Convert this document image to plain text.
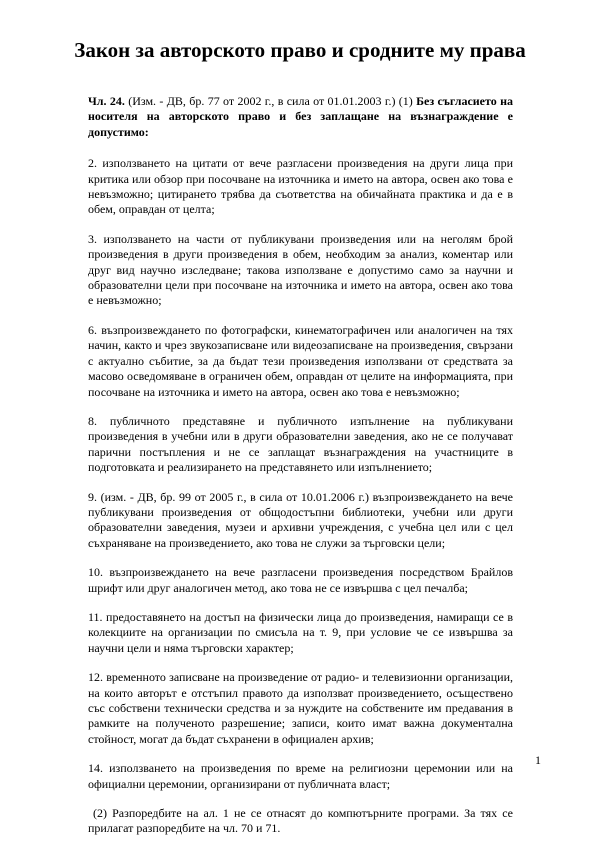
Закон за авторското право и сродните му права

Чл. 24. (Изм. - ДВ, бр. 77 от 2002 г., в сила от 01.01.2003 г.) (1) Без съгласието на носителя на авторското право и без заплащане на възнаграждение е допустимо:

2. използването на цитати от вече разгласени произведения на други лица при критика или обзор при посочване на източника и името на автора, освен ако това е невъзможно; цитирането трябва да съответства на обичайната практика и да е в обем, оправдан от целта;

3. използването на части от публикувани произведения или на неголям брой произведения в други произведения в обем, необходим за анализ, коментар или друг вид научно изследване; такова използване е допустимо само за научни и образователни цели при посочване на източника и името на автора, освен ако това е невъзможно;

6. възпроизвеждането по фотографски, кинематографичен или аналогичен на тях начин, както и чрез звукозаписване или видеозаписване на произведения, свързани с актуално събитие, за да бъдат тези произведения използвани от средствата за масово осведомяване в ограничен обем, оправдан от целите на информацията, при посочване на източника и името на автора, освен ако това е невъзможно;

8. публичното представяне и публичното изпълнение на публикувани произведения в учебни или в други образователни заведения, ако не се получават парични постъпления и не се заплащат възнаграждения на участниците в подготовката и реализирането на представянето или изпълнението;

9. (изм. - ДВ, бр. 99 от 2005 г., в сила от 10.01.2006 г.) възпроизвеждането на вече публикувани произведения от общодостъпни библиотеки, учебни или други образователни заведения, музеи и архивни учреждения, с учебна цел или с цел съхраняване на произведението, ако това не служи за търговски цели;

10. възпроизвеждането на вече разгласени произведения посредством Брайлов шрифт или друг аналогичен метод, ако това не се извършва с цел печалба;

11. предоставянето на достъп на физически лица до произведения, намиращи се в колекциите на организации по смисъла на т. 9, при условие че се извършва за научни цели и няма търговски характер;

12. временното записване на произведение от радио- и телевизионни организации, на които авторът е отстъпил правото да използват произведението, осъществено със собствени технически средства и за нуждите на собствените им предавания в рамките на полученото разрешение; записи, които имат важна документална стойност, могат да бъдат съхранени в официален архив;

14. използването на произведения по време на религиозни церемонии или на официални церемонии, организирани от публичната власт;

(2) Разпоредбите на ал. 1 не се отнасят до компютърните програми. За тях се прилагат разпоредбите на чл. 70 и 71.

1
